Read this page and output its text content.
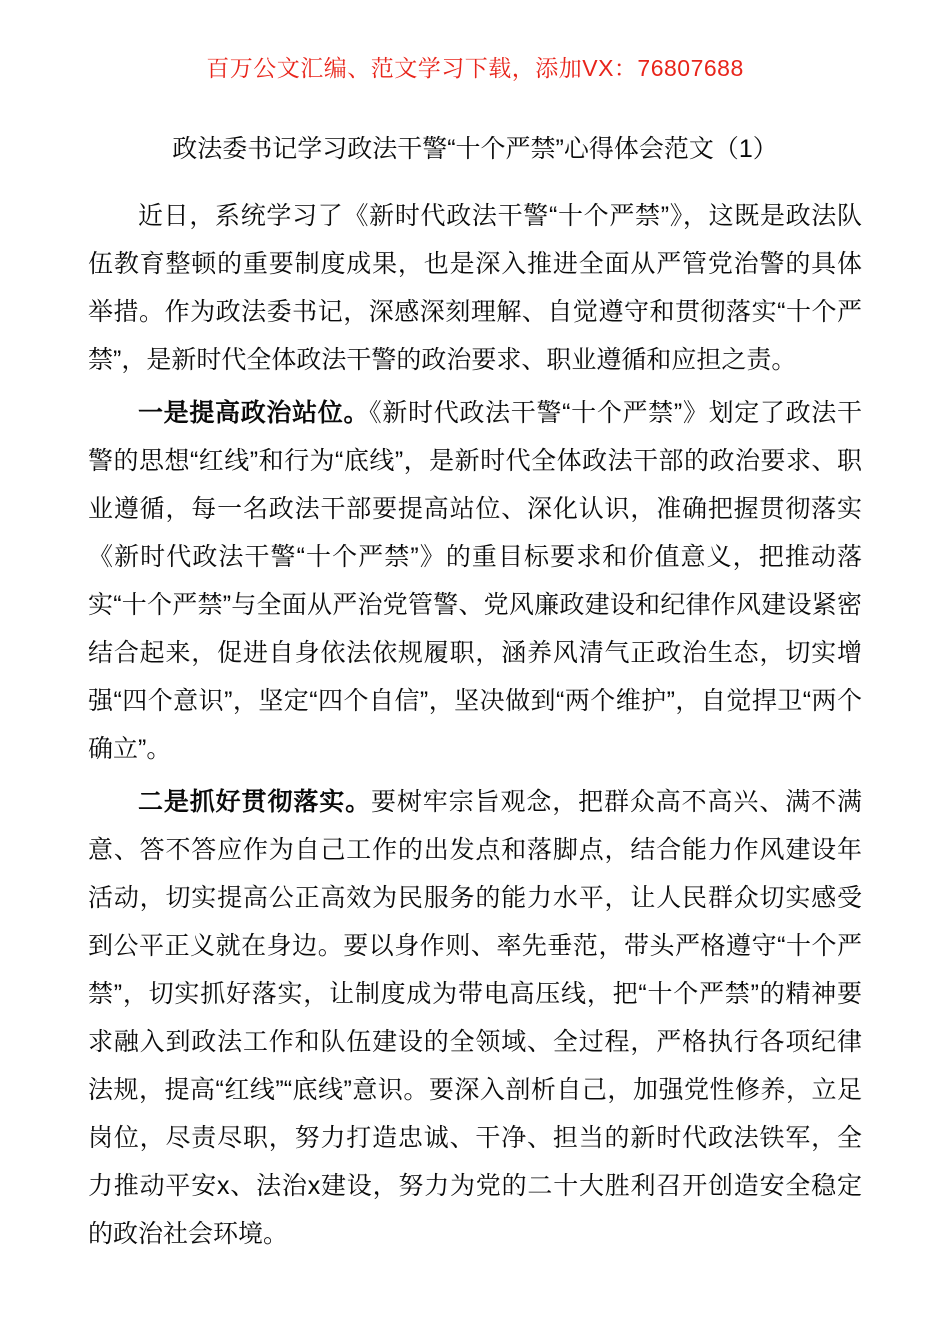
百万公文汇编、范文学习下载，添加VX：76807688
政法委书记学习政法干警“十个严禁”心得体会范文（1）

近日，系统学习了《新时代政法干警“十个严禁”》，这既是政法队伍教育整顿的重要制度成果，也是深入推进全面从严管党治警的具体举措。作为政法委书记，深感深刻理解、自觉遵守和贯彻落实“十个严禁”，是新时代全体政法干警的政治要求、职业遵循和应担之责。

一是提高政治站位。《新时代政法干警“十个严禁”》划定了政法干警的思想“红线”和行为“底线”，是新时代全体政法干部的政治要求、职业遵循，每一名政法干部要提高站位、深化认识，准确把握贯彻落实《新时代政法干警“十个严禁”》的重目标要求和价值意义，把推动落实“十个严禁”与全面从严治党管警、党风廉政建设和纪律作风建设紧密结合起来，促进自身依法依规履职，涵养风清气正政治生态，切实增强“四个意识”，坚定“四个自信”，坚决做到“两个维护”，自觉捍卫“两个确立”。

二是抓好贯彻落实。要树牢宗旨观念，把群众高不高兴、满不满意、答不答应作为自己工作的出发点和落脚点，结合能力作风建设年活动，切实提高公正高效为民服务的能力水平，让人民群众切实感受到公平正义就在身边。要以身作则、率先垂范，带头严格遵守“十个严禁”，切实抓好落实，让制度成为带电高压线，把“十个严禁”的精神要求融入到政法工作和队伍建设的全领域、全过程，严格执行各项纪律法规，提高“红线”“底线”意识。要深入剖析自己，加强党性修养，立足岗位，尽责尽职，努力打造忠诚、干净、担当的新时代政法铁军，全力推动平安x、法治x建设，努力为党的二十大胜利召开创造安全稳定的政治社会环境。
